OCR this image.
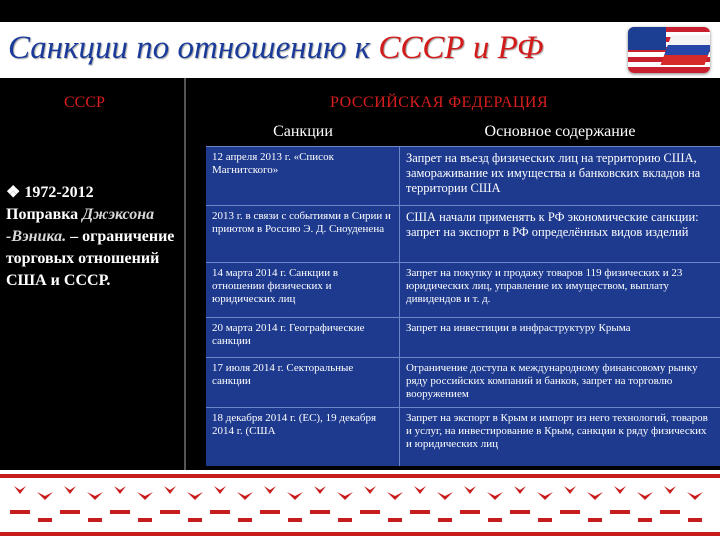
Санкции по отношению к СССР и РФ
СССР	РОССИЙСКАЯ ФЕДЕРАЦИЯ
❖ 1972-2012
Поправка Джэксона -Вэника. – ограничение торговых отношений США и СССР.
Санкции	Основное содержание
12 апреля 2013 г. «Список Магнитского»
Запрет на въезд физических лиц на территорию США, замораживание их имущества и банковских вкладов на территории США
2013 г. в связи с событиями в Сирии и приютом в Россию Э. Д. Сноуденена
США начали применять к РФ экономические санкции: запрет на экспорт в РФ определённых видов изделий
14 марта 2014 г. Санкции в отношении физических и юридических лиц
Запрет на покупку и продажу товаров 119 физических и 23 юридических лиц, управление их имуществом, выплату дивидендов и т. д.
20 марта 2014 г. Географические санкции
Запрет на инвестиции в инфраструктуру Крыма
17 июля 2014 г. Секторальные санкции
Ограничение доступа к международному финансовому рынку ряду российских компаний и банков, запрет на торговлю вооружением
18 декабря 2014 г. (ЕС), 19 декабря 2014 г. (США
Запрет на экспорт в Крым и импорт из него технологий, товаров и услуг, на инвестирование в Крым, санкции к ряду физических и юридических лиц
